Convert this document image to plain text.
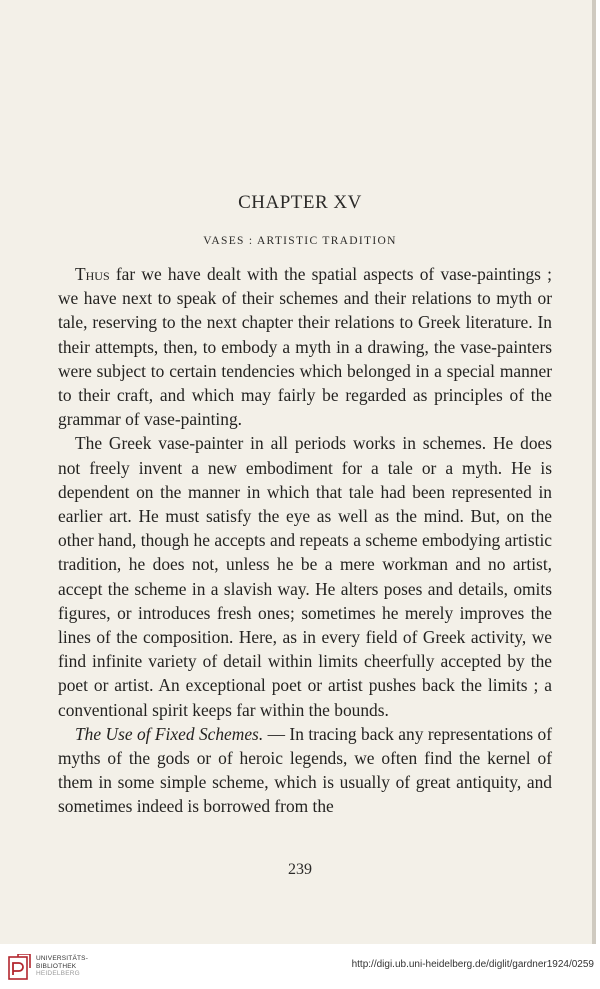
CHAPTER XV
VASES : ARTISTIC TRADITION

Thus far we have dealt with the spatial aspects of vase-paintings ; we have next to speak of their schemes and their relations to myth or tale, reserving to the next chapter their relations to Greek literature. In their attempts, then, to embody a myth in a drawing, the vase-painters were subject to certain tendencies which belonged in a special manner to their craft, and which may fairly be regarded as principles of the grammar of vase-painting.

The Greek vase-painter in all periods works in schemes. He does not freely invent a new embodiment for a tale or a myth. He is dependent on the manner in which that tale had been represented in earlier art. He must satisfy the eye as well as the mind. But, on the other hand, though he accepts and repeats a scheme embodying artistic tradition, he does not, unless he be a mere workman and no artist, accept the scheme in a slavish way. He alters poses and details, omits figures, or introduces fresh ones; sometimes he merely improves the lines of the composition. Here, as in every field of Greek activity, we find infinite variety of detail within limits cheerfully accepted by the poet or artist. An exceptional poet or artist pushes back the limits ; a conventional spirit keeps far within the bounds.

The Use of Fixed Schemes. — In tracing back any representations of myths of the gods or of heroic legends, we often find the kernel of them in some simple scheme, which is usually of great antiquity, and sometimes indeed is borrowed from the

239
UNIVERSITÄTS-
BIBLIOTHEK
HEIDELBERG
http://digi.ub.uni-heidelberg.de/diglit/gardner1924/0259
